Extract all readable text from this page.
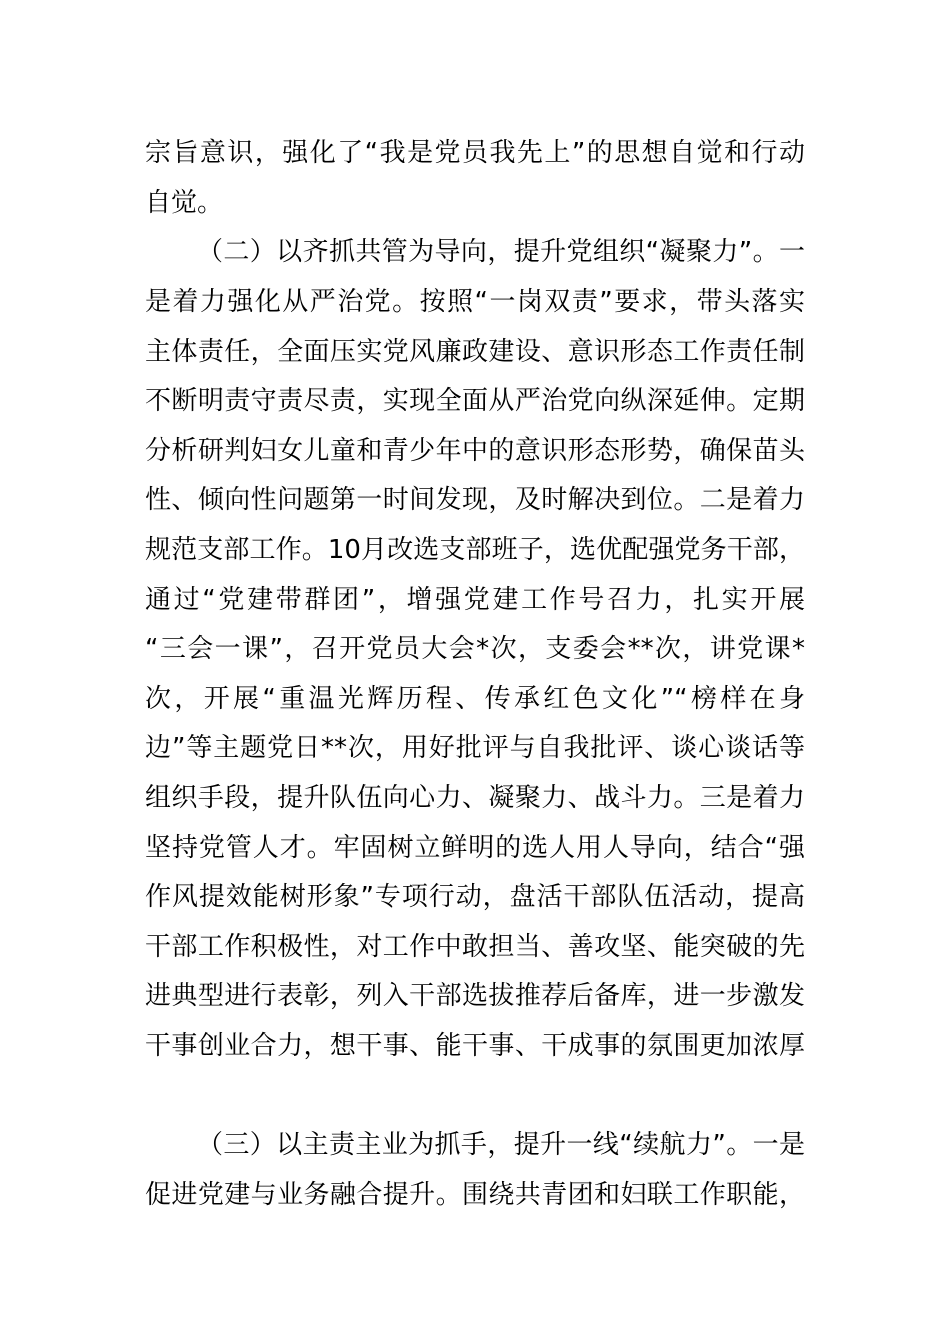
宗旨意识，强化了“我是党员我先上”的思想自觉和行动
自觉。
（二）以齐抓共管为导向，提升党组织“凝聚力”。一
是着力强化从严治党。按照“一岗双责”要求，带头落实
主体责任，全面压实党风廉政建设、意识形态工作责任制
不断明责守责尽责，实现全面从严治党向纵深延伸。定期
分析研判妇女儿童和青少年中的意识形态形势，确保苗头
性、倾向性问题第一时间发现，及时解决到位。二是着力
规范支部工作。10月改选支部班子，选优配强党务干部，
通过“党建带群团”，增强党建工作号召力，扎实开展
“三会一课”，召开党员大会*次，支委会**次，讲党课*
次，开展“重温光辉历程、传承红色文化”“榜样在身
边”等主题党日**次，用好批评与自我批评、谈心谈话等
组织手段，提升队伍向心力、凝聚力、战斗力。三是着力
坚持党管人才。牢固树立鲜明的选人用人导向，结合“强
作风提效能树形象”专项行动，盘活干部队伍活动，提高
干部工作积极性，对工作中敢担当、善攻坚、能突破的先
进典型进行表彰，列入干部选拔推荐后备库，进一步激发
干事创业合力，想干事、能干事、干成事的氛围更加浓厚
（三）以主责主业为抓手，提升一线“续航力”。一是
促进党建与业务融合提升。围绕共青团和妇联工作职能，
